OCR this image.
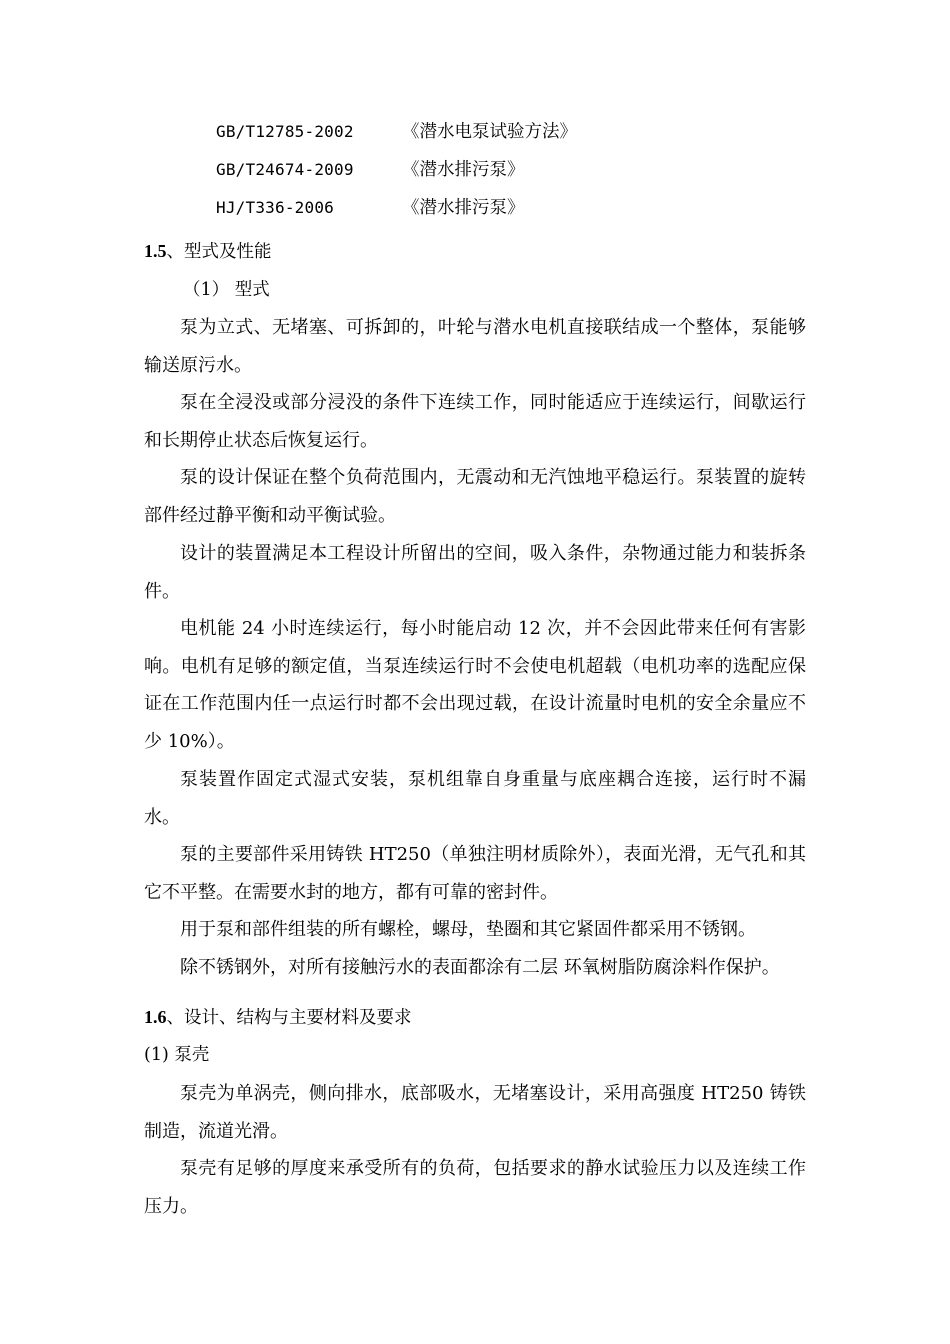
GB/T12785-2002	《潜水电泵试验方法》
GB/T24674-2009	《潜水排污泵》
HJ/T336-2006	《潜水排污泵》
1.5、型式及性能
（1） 型式

泵为立式、无堵塞、可拆卸的，叶轮与潜水电机直接联结成一个整体，泵能够输送原污水。

泵在全浸没或部分浸没的条件下连续工作，同时能适应于连续运行，间歇运行和长期停止状态后恢复运行。

泵的设计保证在整个负荷范围内，无震动和无汽蚀地平稳运行。泵装置的旋转部件经过静平衡和动平衡试验。

设计的装置满足本工程设计所留出的空间，吸入条件，杂物通过能力和装拆条件。

电机能 24 小时连续运行，每小时能启动 12 次，并不会因此带来任何有害影响。电机有足够的额定值，当泵连续运行时不会使电机超载（电机功率的选配应保证在工作范围内任一点运行时都不会出现过载，在设计流量时电机的安全余量应不少 10%）。

泵装置作固定式湿式安装，泵机组靠自身重量与底座耦合连接，运行时不漏水。

泵的主要部件采用铸铁 HT250（单独注明材质除外），表面光滑，无气孔和其它不平整。在需要水封的地方，都有可靠的密封件。

用于泵和部件组装的所有螺栓，螺母，垫圈和其它紧固件都采用不锈钢。

除不锈钢外，对所有接触污水的表面都涂有二层 环氧树脂防腐涂料作保护。

1.6、设计、结构与主要材料及要求
(1) 泵壳

泵壳为单涡壳，侧向排水，底部吸水，无堵塞设计，采用高强度 HT250 铸铁制造，流道光滑。

泵壳有足够的厚度来承受所有的负荷，包括要求的静水试验压力以及连续工作压力。
